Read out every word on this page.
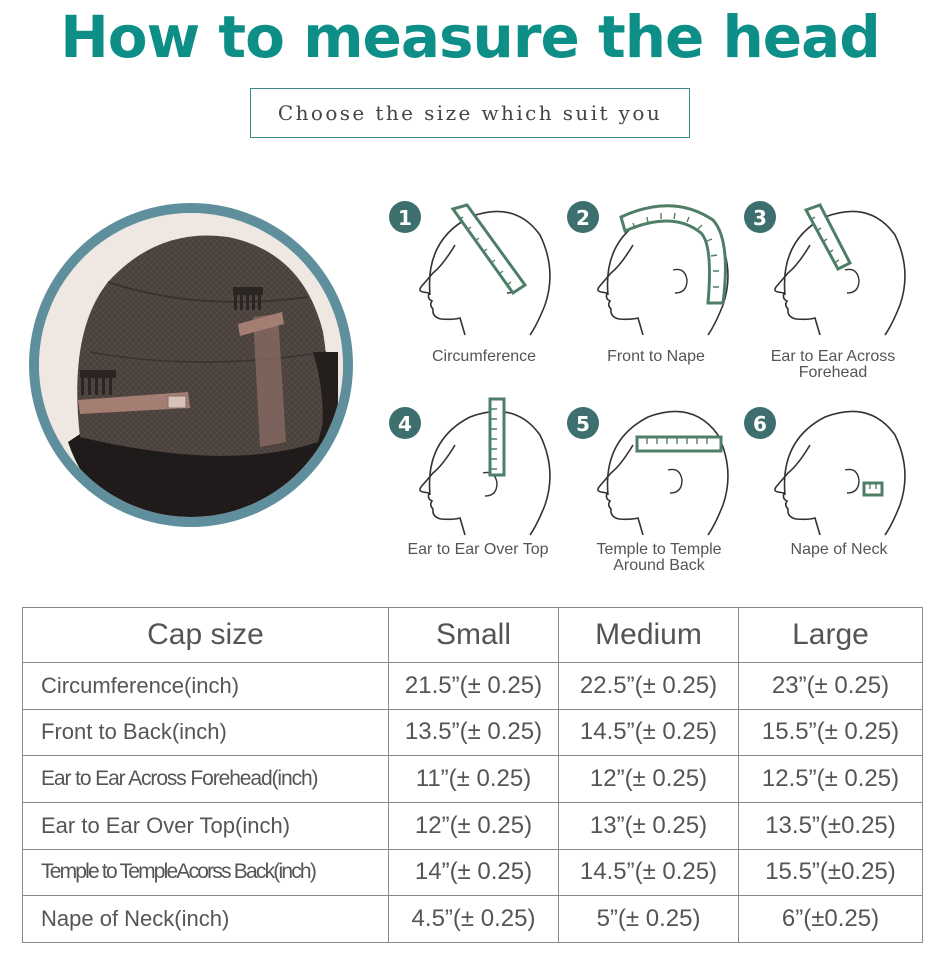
How to measure the head
Choose the size which suit you
1
Circumference
2
Front to Nape
3
Ear to Ear Across
Forehead
4
Ear to Ear Over Top
5
Temple to Temple
Around Back
6
Nape of Neck
Cap size	Small	Medium	Large
Circumference(inch)	21.5”(± 0.25)	22.5”(± 0.25)	23”(± 0.25)
Front to Back(inch)	13.5”(± 0.25)	14.5”(± 0.25)	15.5”(± 0.25)
Ear to Ear Across Forehead(inch)	11”(± 0.25)	12”(± 0.25)	12.5”(± 0.25)
Ear to Ear Over Top(inch)	12”(± 0.25)	13”(± 0.25)	13.5”(±0.25)
Temple to TempleAcorss Back(inch)	14”(± 0.25)	14.5”(± 0.25)	15.5”(±0.25)
Nape of Neck(inch)	4.5”(± 0.25)	5”(± 0.25)	6”(±0.25)
